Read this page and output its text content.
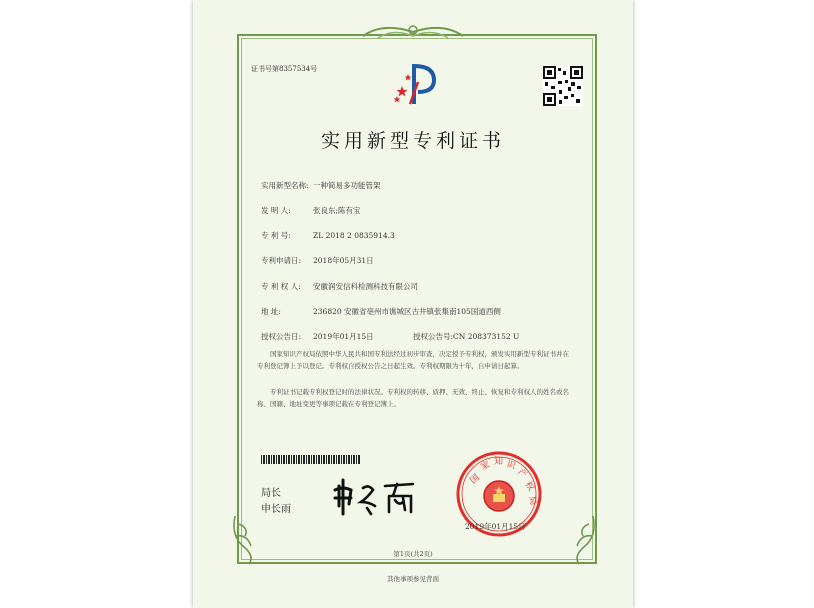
证书号第8357534号
实用新型专利证书
实用新型名称: 一种简易多功能管架
发 明 人:	张良东;陈有宝
专 利 号:	ZL 2018 2 0835914.3
专利申请日: 2018年05月31日
专 利 权 人: 安徽润安信科检测科技有限公司
地 址:	236820 安徽省亳州市谯城区古井镇张集南105国道西侧
授权公告日: 2019年01月15日	授权公告号:CN 208373152 U
国家知识产权局依照中华人民共和国专利法经过初步审查，决定授予专利权，颁发实用新型专利证书并在专利登记簿上予以登记。专利权自授权公告之日起生效。专利权期限为十年，自申请日起算。
专利证书记载专利权登记时的法律状况。专利权的转移、质押、无效、终止、恢复和专利权人的姓名或名称、国籍、地址变更等事项记载在专利登记簿上。
局长
申长雨
国
家 知 识
产
权
局
2019年01月15日
第1页(共2页)
其他事项参见背面
